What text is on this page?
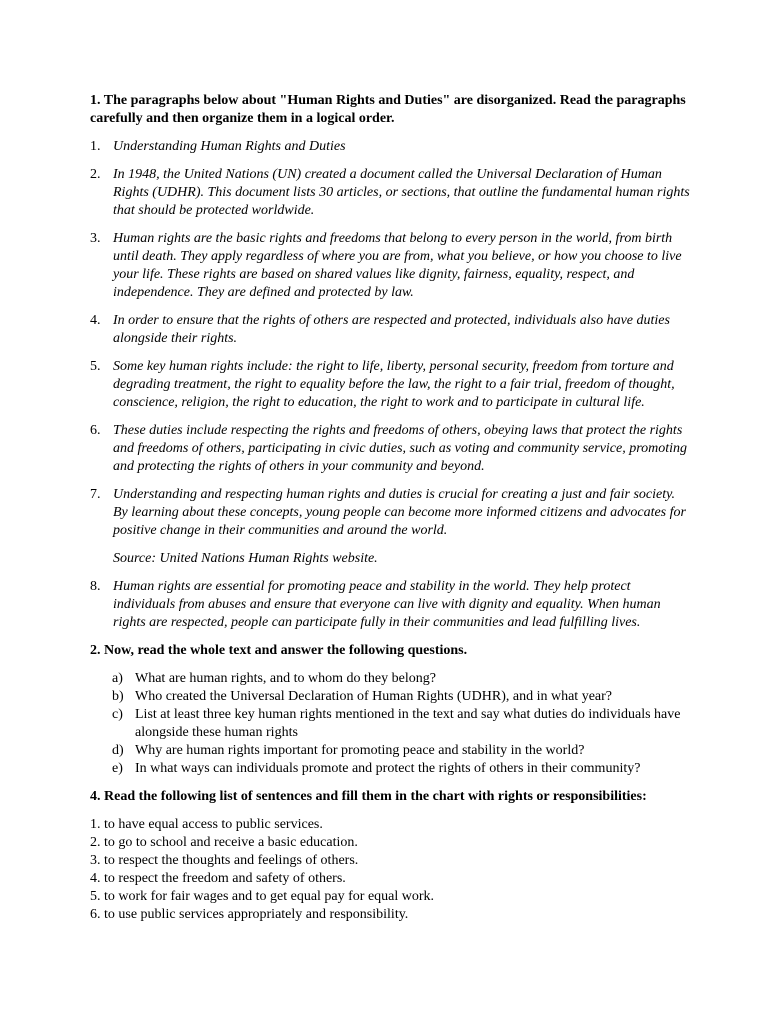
1. The paragraphs below about "Human Rights and Duties" are disorganized. Read the paragraphs carefully and then organize them in a logical order.

1. Understanding Human Rights and Duties
2. In 1948, the United Nations (UN) created a document called the Universal Declaration of Human Rights (UDHR). This document lists 30 articles, or sections, that outline the fundamental human rights that should be protected worldwide.
3. Human rights are the basic rights and freedoms that belong to every person in the world, from birth until death. They apply regardless of where you are from, what you believe, or how you choose to live your life. These rights are based on shared values like dignity, fairness, equality, respect, and independence. They are defined and protected by law.
4. In order to ensure that the rights of others are respected and protected, individuals also have duties alongside their rights.
5. Some key human rights include: the right to life, liberty, personal security, freedom from torture and degrading treatment, the right to equality before the law, the right to a fair trial, freedom of thought, conscience, religion, the right to education, the right to work and to participate in cultural life.
6. These duties include respecting the rights and freedoms of others, obeying laws that protect the rights and freedoms of others, participating in civic duties, such as voting and community service, promoting and protecting the rights of others in your community and beyond.
7. Understanding and respecting human rights and duties is crucial for creating a just and fair society. By learning about these concepts, young people can become more informed citizens and advocates for positive change in their communities and around the world.

Source: United Nations Human Rights website.

8. Human rights are essential for promoting peace and stability in the world. They help protect individuals from abuses and ensure that everyone can live with dignity and equality. When human rights are respected, people can participate fully in their communities and lead fulfilling lives.

2. Now, read the whole text and answer the following questions.

a) What are human rights, and to whom do they belong?
b) Who created the Universal Declaration of Human Rights (UDHR), and in what year?
c) List at least three key human rights mentioned in the text and say what duties do individuals have alongside these human rights
d) Why are human rights important for promoting peace and stability in the world?
e) In what ways can individuals promote and protect the rights of others in their community?

4. Read the following list of sentences and fill them in the chart with rights or responsibilities:

1. to have equal access to public services.

2. to go to school and receive a basic education.

3. to respect the thoughts and feelings of others.

4. to respect the freedom and safety of others.

5. to work for fair wages and to get equal pay for equal work.

6. to use public services appropriately and responsibility.
